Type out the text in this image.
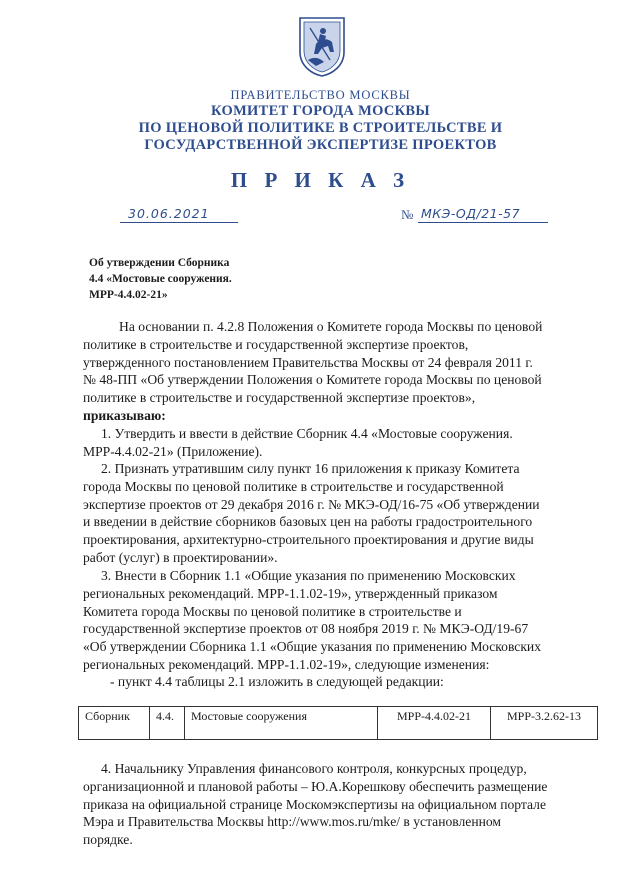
ПРАВИТЕЛЬСТВО МОСКВЫ
КОМИТЕТ ГОРОДА МОСКВЫ
ПО ЦЕНОВОЙ ПОЛИТИКЕ В СТРОИТЕЛЬСТВЕ И
ГОСУДАРСТВЕННОЙ ЭКСПЕРТИЗЕ ПРОЕКТОВ
П Р И К А З
30.06.2021	№ МКЭ-ОД/21-57
Об утверждении Сборника
4.4 «Мостовые сооружения.
МРР-4.4.02-21»
На основании п. 4.2.8 Положения о Комитете города Москвы по ценовой
политике в строительстве и государственной экспертизе проектов,
утвержденного постановлением Правительства Москвы от 24 февраля 2011 г.
№ 48-ПП «Об утверждении Положения о Комитете города Москвы по ценовой
политике в строительстве и государственной экспертизе проектов»,
приказываю:
1. Утвердить и ввести в действие Сборник 4.4 «Мостовые сооружения.
МРР-4.4.02-21» (Приложение).
2. Признать утратившим силу пункт 16 приложения к приказу Комитета
города Москвы по ценовой политике в строительстве и государственной
экспертизе проектов от 29 декабря 2016 г. № МКЭ-ОД/16-75 «Об утверждении
и введении в действие сборников базовых цен на работы градостроительного
проектирования, архитектурно-строительного проектирования и другие виды
работ (услуг) в проектировании».
3. Внести в Сборник 1.1 «Общие указания по применению Московских
региональных рекомендаций. МРР-1.1.02-19», утвержденный приказом
Комитета города Москвы по ценовой политике в строительстве и
государственной экспертизе проектов от 08 ноября 2019 г. № МКЭ-ОД/19-67
«Об утверждении Сборника 1.1 «Общие указания по применению Московских
региональных рекомендаций. МРР-1.1.02-19», следующие изменения:
- пункт 4.4 таблицы 2.1 изложить в следующей редакции:
Сборник	4.4.	Мостовые сооружения	МРР-4.4.02-21	МРР-3.2.62-13
4. Начальнику Управления финансового контроля, конкурсных процедур,
организационной и плановой работы – Ю.А.Корешкову обеспечить размещение
приказа на официальной странице Москомэкспертизы на официальном портале
Мэра и Правительства Москвы http://www.mos.ru/mke/ в установленном
порядке.
